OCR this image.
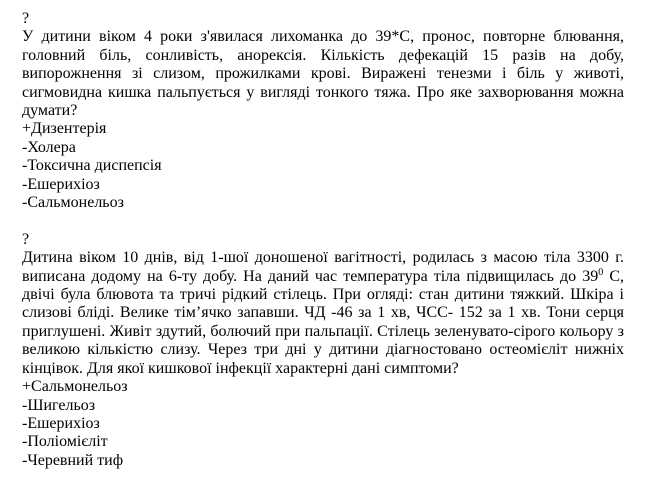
?

У дитини віком 4 роки з'явилася лихоманка до 39*С, пронос, повторне блювання, головний біль, сонливість, анорексія. Кількість дефекацій 15 разів на добу, випорожнення зі слизом, прожилками крові. Виражені тенезми і біль у животі, сигмовидна кишка пальпується у вигляді тонкого тяжа. Про яке захворювання можна думати?

+Дизентерія
-Холера
-Токсична диспепсія
-Ешерихіоз
-Сальмонельоз
?

Дитина віком 10 днів, від 1-шої доношеної вагітності, родилась з масою тіла 3300 г. виписана додому на 6-ту добу. На даний час температура тіла підвищилась до $39^0$ С, двічі була блювота та тричі рідкий стілець. При огляді: стан дитини тяжкий. Шкіра і слизові бліді. Велике тім’ячко запавши. ЧД -46 за 1 хв, ЧСС- 152 за 1 хв. Тони серця приглушені. Живіт здутий, болючий при пальпації. Стілець зеленувато-сірого кольору з великою кількістю слизу. Через три дні у дитини діагностовано остеомієліт нижніх кінцівок. Для якої кишкової інфекції характерні дані симптоми?

+Сальмонельоз
-Шигельоз
-Ешерихіоз
-Поліомієліт
-Черевний тиф
